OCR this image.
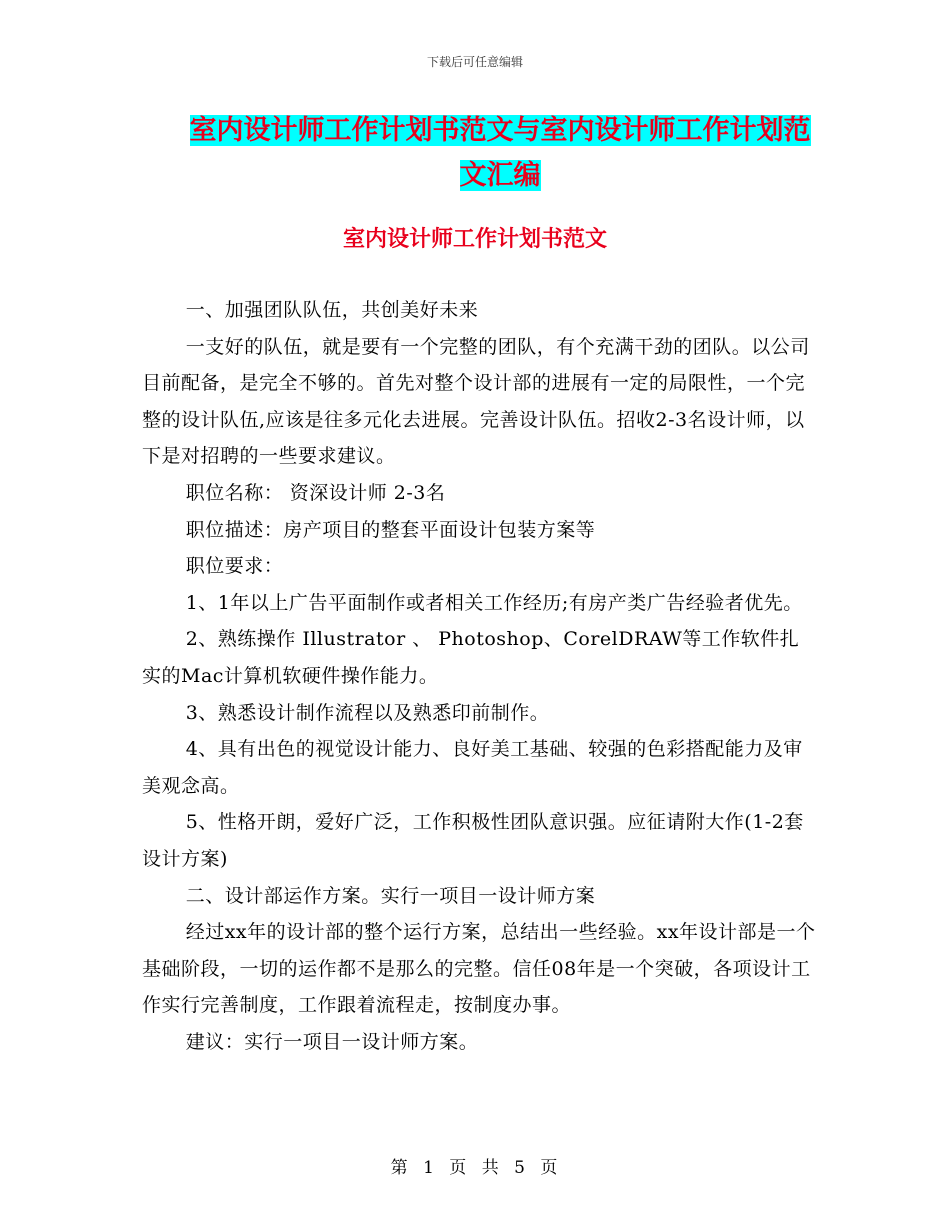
下载后可任意编辑
室内设计师工作计划书范文与室内设计师工作计划范
文汇编
室内设计师工作计划书范文

一、加强团队队伍，共创美好未来

一支好的队伍，就是要有一个完整的团队，有个充满干劲的团队。以公司目前配备，是完全不够的。首先对整个设计部的进展有一定的局限性，一个完整的设计队伍,应该是往多元化去进展。完善设计队伍。招收2-3名设计师，以下是对招聘的一些要求建议。

职位名称： 资深设计师 2-3名

职位描述：房产项目的整套平面设计包装方案等

职位要求：

1、1年以上广告平面制作或者相关工作经历;有房产类广告经验者优先。

2、熟练操作 Illustrator 、 Photoshop、CorelDRAW等工作软件扎实的Mac计算机软硬件操作能力。

3、熟悉设计制作流程以及熟悉印前制作。

4、具有出色的视觉设计能力、良好美工基础、较强的色彩搭配能力及审美观念高。

5、性格开朗，爱好广泛，工作积极性团队意识强。应征请附大作(1-2套设计方案)

二、设计部运作方案。实行一项目一设计师方案

经过xx年的设计部的整个运行方案，总结出一些经验。xx年设计部是一个基础阶段，一切的运作都不是那么的完整。信任08年是一个突破，各项设计工作实行完善制度，工作跟着流程走，按制度办事。

建议：实行一项目一设计师方案。

第 1 页 共 5 页
